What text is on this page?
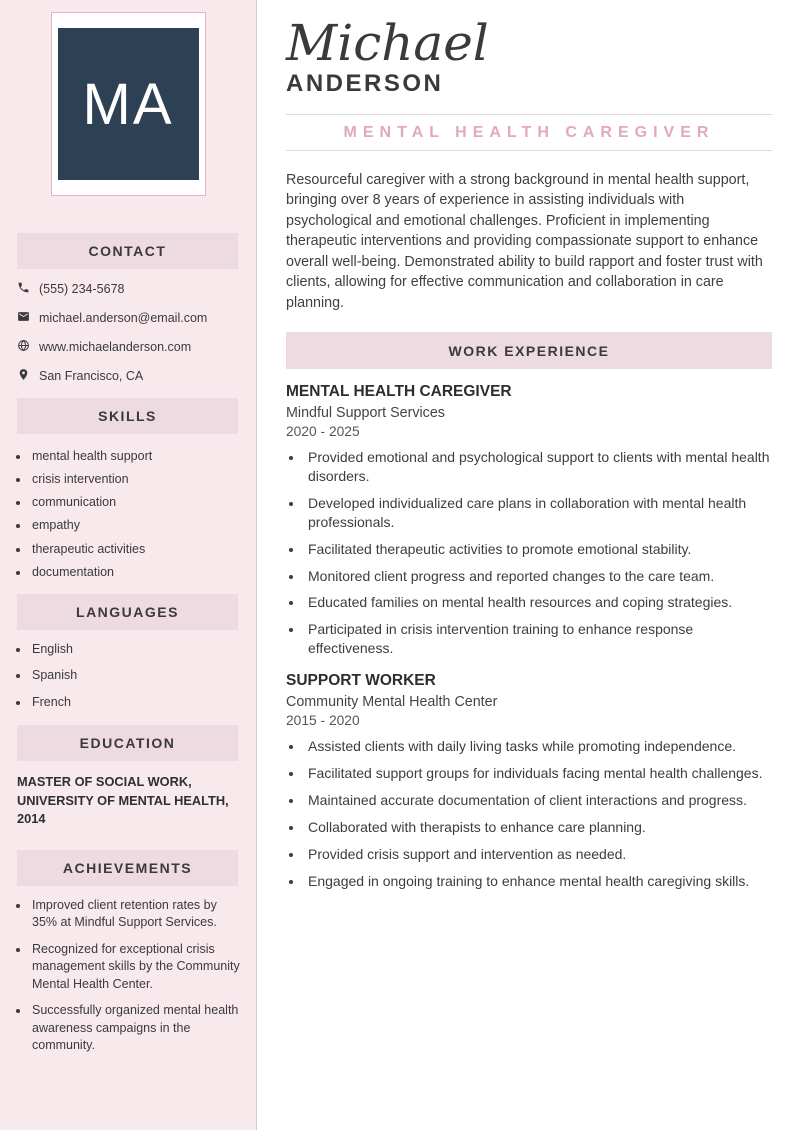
MA
CONTACT
(555) 234-5678
michael.anderson@email.com
www.michaelanderson.com
San Francisco, CA
SKILLS
• mental health support
• crisis intervention
• communication
• empathy
• therapeutic activities
• documentation
LANGUAGES
• English
• Spanish
• French
EDUCATION
MASTER OF SOCIAL WORK,
UNIVERSITY OF MENTAL HEALTH, 2014
ACHIEVEMENTS
• Improved client retention rates by 35% at Mindful Support Services.
• Recognized for exceptional crisis management skills by the Community Mental Health Center.
• Successfully organized mental health awareness campaigns in the community.
Michael
ANDERSON
MENTAL HEALTH CAREGIVER

Resourceful caregiver with a strong background in mental health support, bringing over 8 years of experience in assisting individuals with psychological and emotional challenges. Proficient in implementing therapeutic interventions and providing compassionate support to enhance overall well-being. Demonstrated ability to build rapport and foster trust with clients, allowing for effective communication and collaboration in care planning.

WORK EXPERIENCE
MENTAL HEALTH CAREGIVER
Mindful Support Services
2020 - 2025
• Provided emotional and psychological support to clients with mental health disorders.
• Developed individualized care plans in collaboration with mental health professionals.
• Facilitated therapeutic activities to promote emotional stability.
• Monitored client progress and reported changes to the care team.
• Educated families on mental health resources and coping strategies.
• Participated in crisis intervention training to enhance response effectiveness.
SUPPORT WORKER
Community Mental Health Center
2015 - 2020
• Assisted clients with daily living tasks while promoting independence.
• Facilitated support groups for individuals facing mental health challenges.
• Maintained accurate documentation of client interactions and progress.
• Collaborated with therapists to enhance care planning.
• Provided crisis support and intervention as needed.
• Engaged in ongoing training to enhance mental health caregiving skills.
